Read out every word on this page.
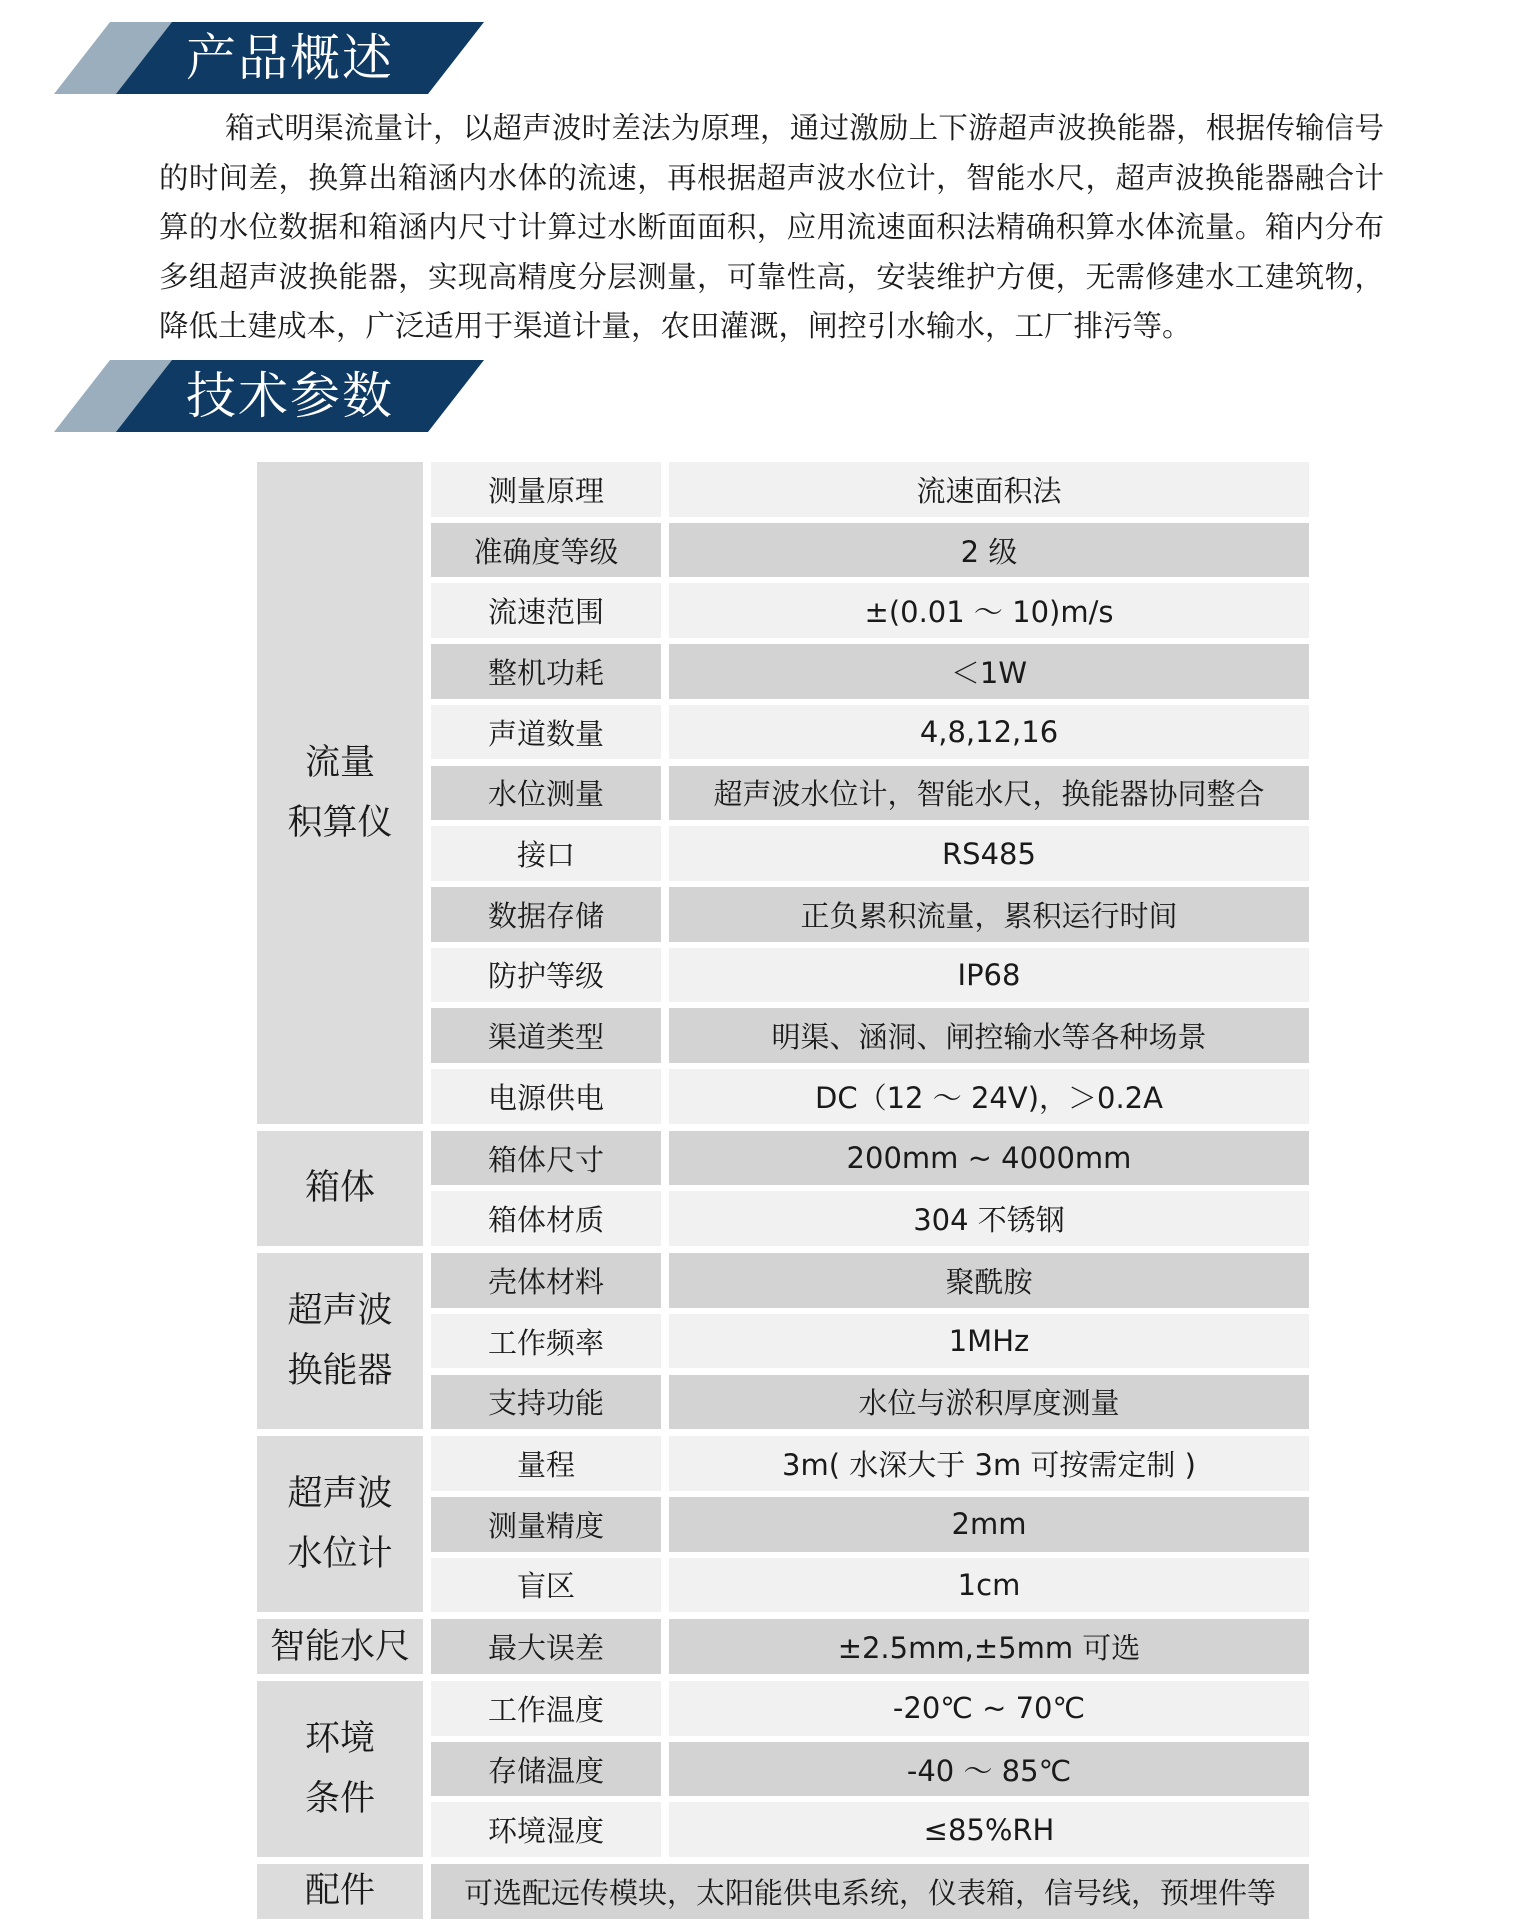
产品概述
箱式明渠流量计，以超声波时差法为原理，通过激励上下游超声波换能器，根据传输信号的时间差，换算出箱涵内水体的流速，再根据超声波水位计，智能水尺，超声波换能器融合计算的水位数据和箱涵内尺寸计算过水断面面积，应用流速面积法精确积算水体流量。箱内分布多组超声波换能器，实现高精度分层测量，可靠性高，安装维护方便，无需修建水工建筑物，降低土建成本，广泛适用于渠道计量，农田灌溉，闸控引水输水，工厂排污等。
技术参数
流量
积算仪
测量原理	流速面积法
准确度等级	2 级
流速范围	±(0.01 ～ 10)m/s
整机功耗	＜1W
声道数量	4,8,12,16
水位测量	超声波水位计，智能水尺，换能器协同整合
接口	RS485
数据存储	正负累积流量，累积运行时间
防护等级	IP68
渠道类型	明渠、涵洞、闸控输水等各种场景
电源供电	DC（12 ～ 24V)，＞0.2A
箱体
箱体尺寸	200mm ~ 4000mm
箱体材质	304 不锈钢
超声波
换能器
壳体材料	聚酰胺
工作频率	1MHz
支持功能	水位与淤积厚度测量
超声波
水位计
量程	3m( 水深大于 3m 可按需定制 )
测量精度	2mm
盲区	1cm
智能水尺	最大误差	±2.5mm,±5mm 可选
环境
条件
工作温度	-20℃ ~ 70℃
存储温度	-40 ～ 85℃
环境湿度	≤85%RH
配件	可选配远传模块，太阳能供电系统，仪表箱，信号线，预埋件等
